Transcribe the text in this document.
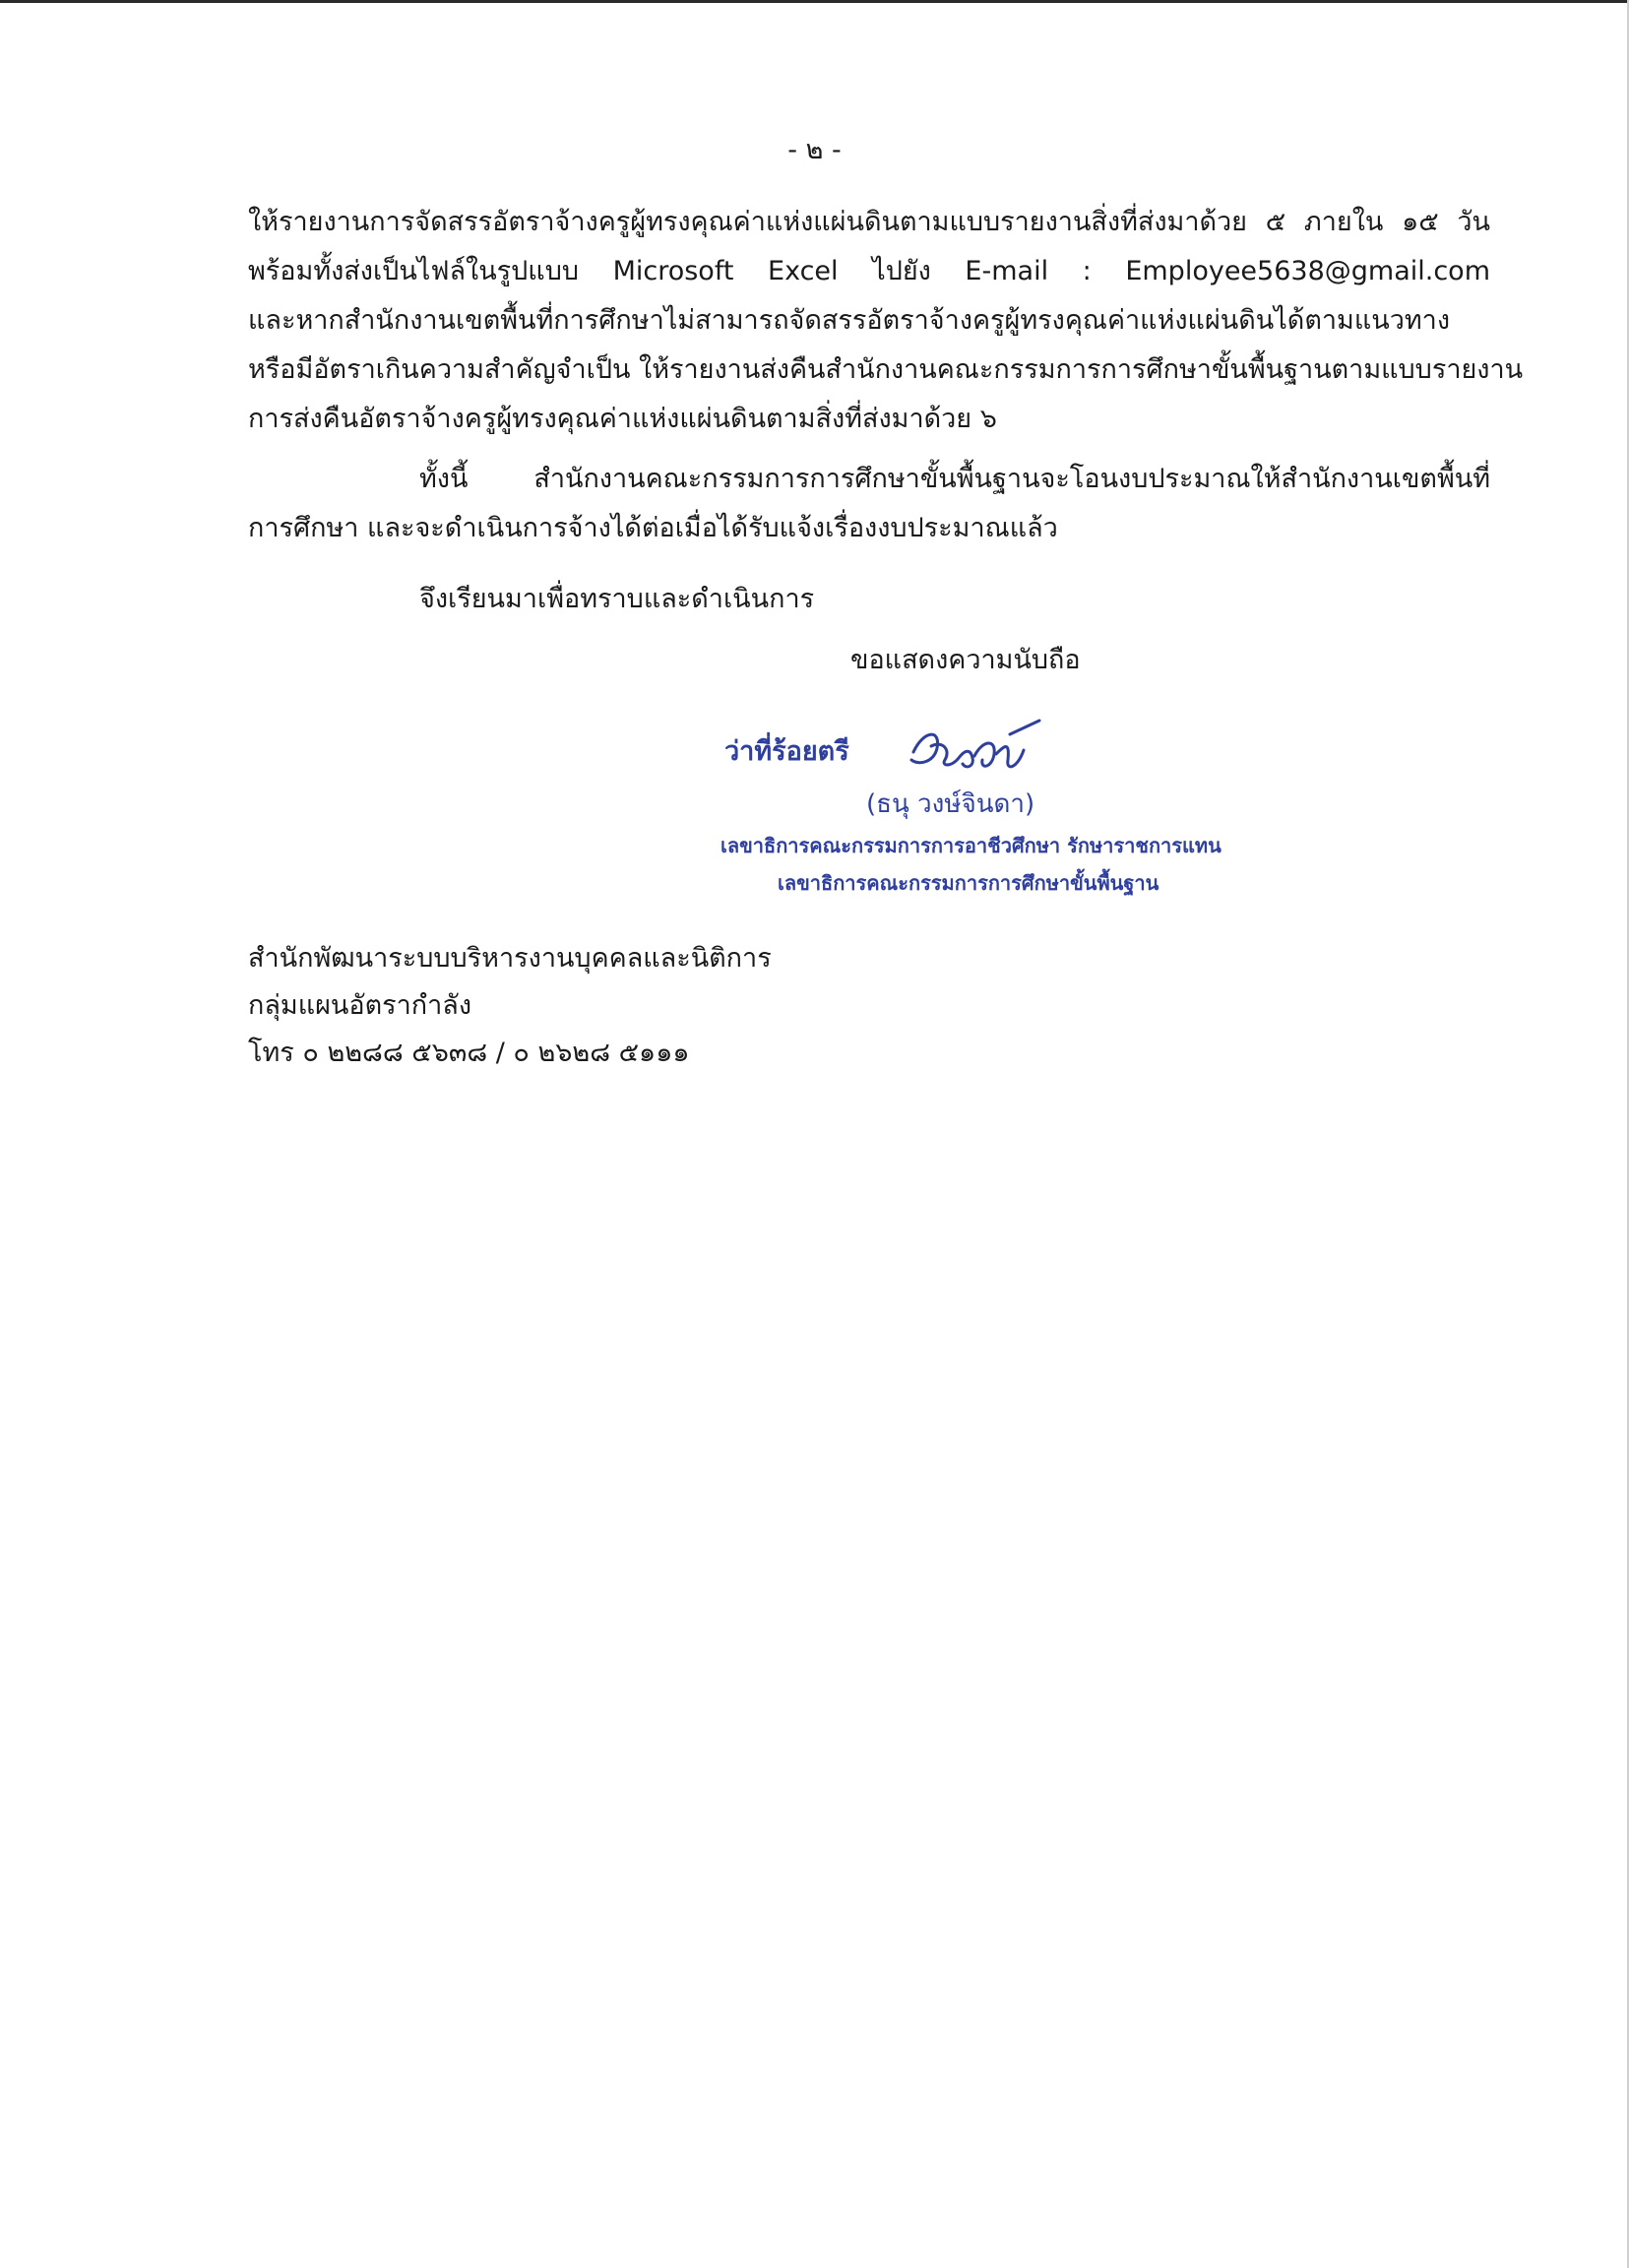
- ๒ -

ให้รายงานการจัดสรรอัตราจ้างครูผู้ทรงคุณค่าแห่งแผ่นดินตามแบบรายงานสิ่งที่ส่งมาด้วย ๕ ภายใน ๑๕ วัน
พร้อมทั้งส่งเป็นไฟล์ในรูปแบบ Microsoft Excel ไปยัง E-mail : Employee5638@gmail.com
และหากสำนักงานเขตพื้นที่การศึกษาไม่สามารถจัดสรรอัตราจ้างครูผู้ทรงคุณค่าแห่งแผ่นดินได้ตามแนวทาง
หรือมีอัตราเกินความสำคัญจำเป็น ให้รายงานส่งคืนสำนักงานคณะกรรมการการศึกษาขั้นพื้นฐานตามแบบรายงาน
การส่งคืนอัตราจ้างครูผู้ทรงคุณค่าแห่งแผ่นดินตามสิ่งที่ส่งมาด้วย ๖

ทั้งนี้ สำนักงานคณะกรรมการการศึกษาขั้นพื้นฐานจะโอนงบประมาณให้สำนักงานเขตพื้นที่
การศึกษา และจะดำเนินการจ้างได้ต่อเมื่อได้รับแจ้งเรื่องงบประมาณแล้ว

จึงเรียนมาเพื่อทราบและดำเนินการ
ขอแสดงความนับถือ
ว่าที่ร้อยตรี
(ธนุ วงษ์จินดา)
เลขาธิการคณะกรรมการการอาชีวศึกษา รักษาราชการแทน
เลขาธิการคณะกรรมการการศึกษาขั้นพื้นฐาน
สำนักพัฒนาระบบบริหารงานบุคคลและนิติการ
กลุ่มแผนอัตรากำลัง
โทร ๐ ๒๒๘๘ ๕๖๓๘ / ๐ ๒๖๒๘ ๕๑๑๑
